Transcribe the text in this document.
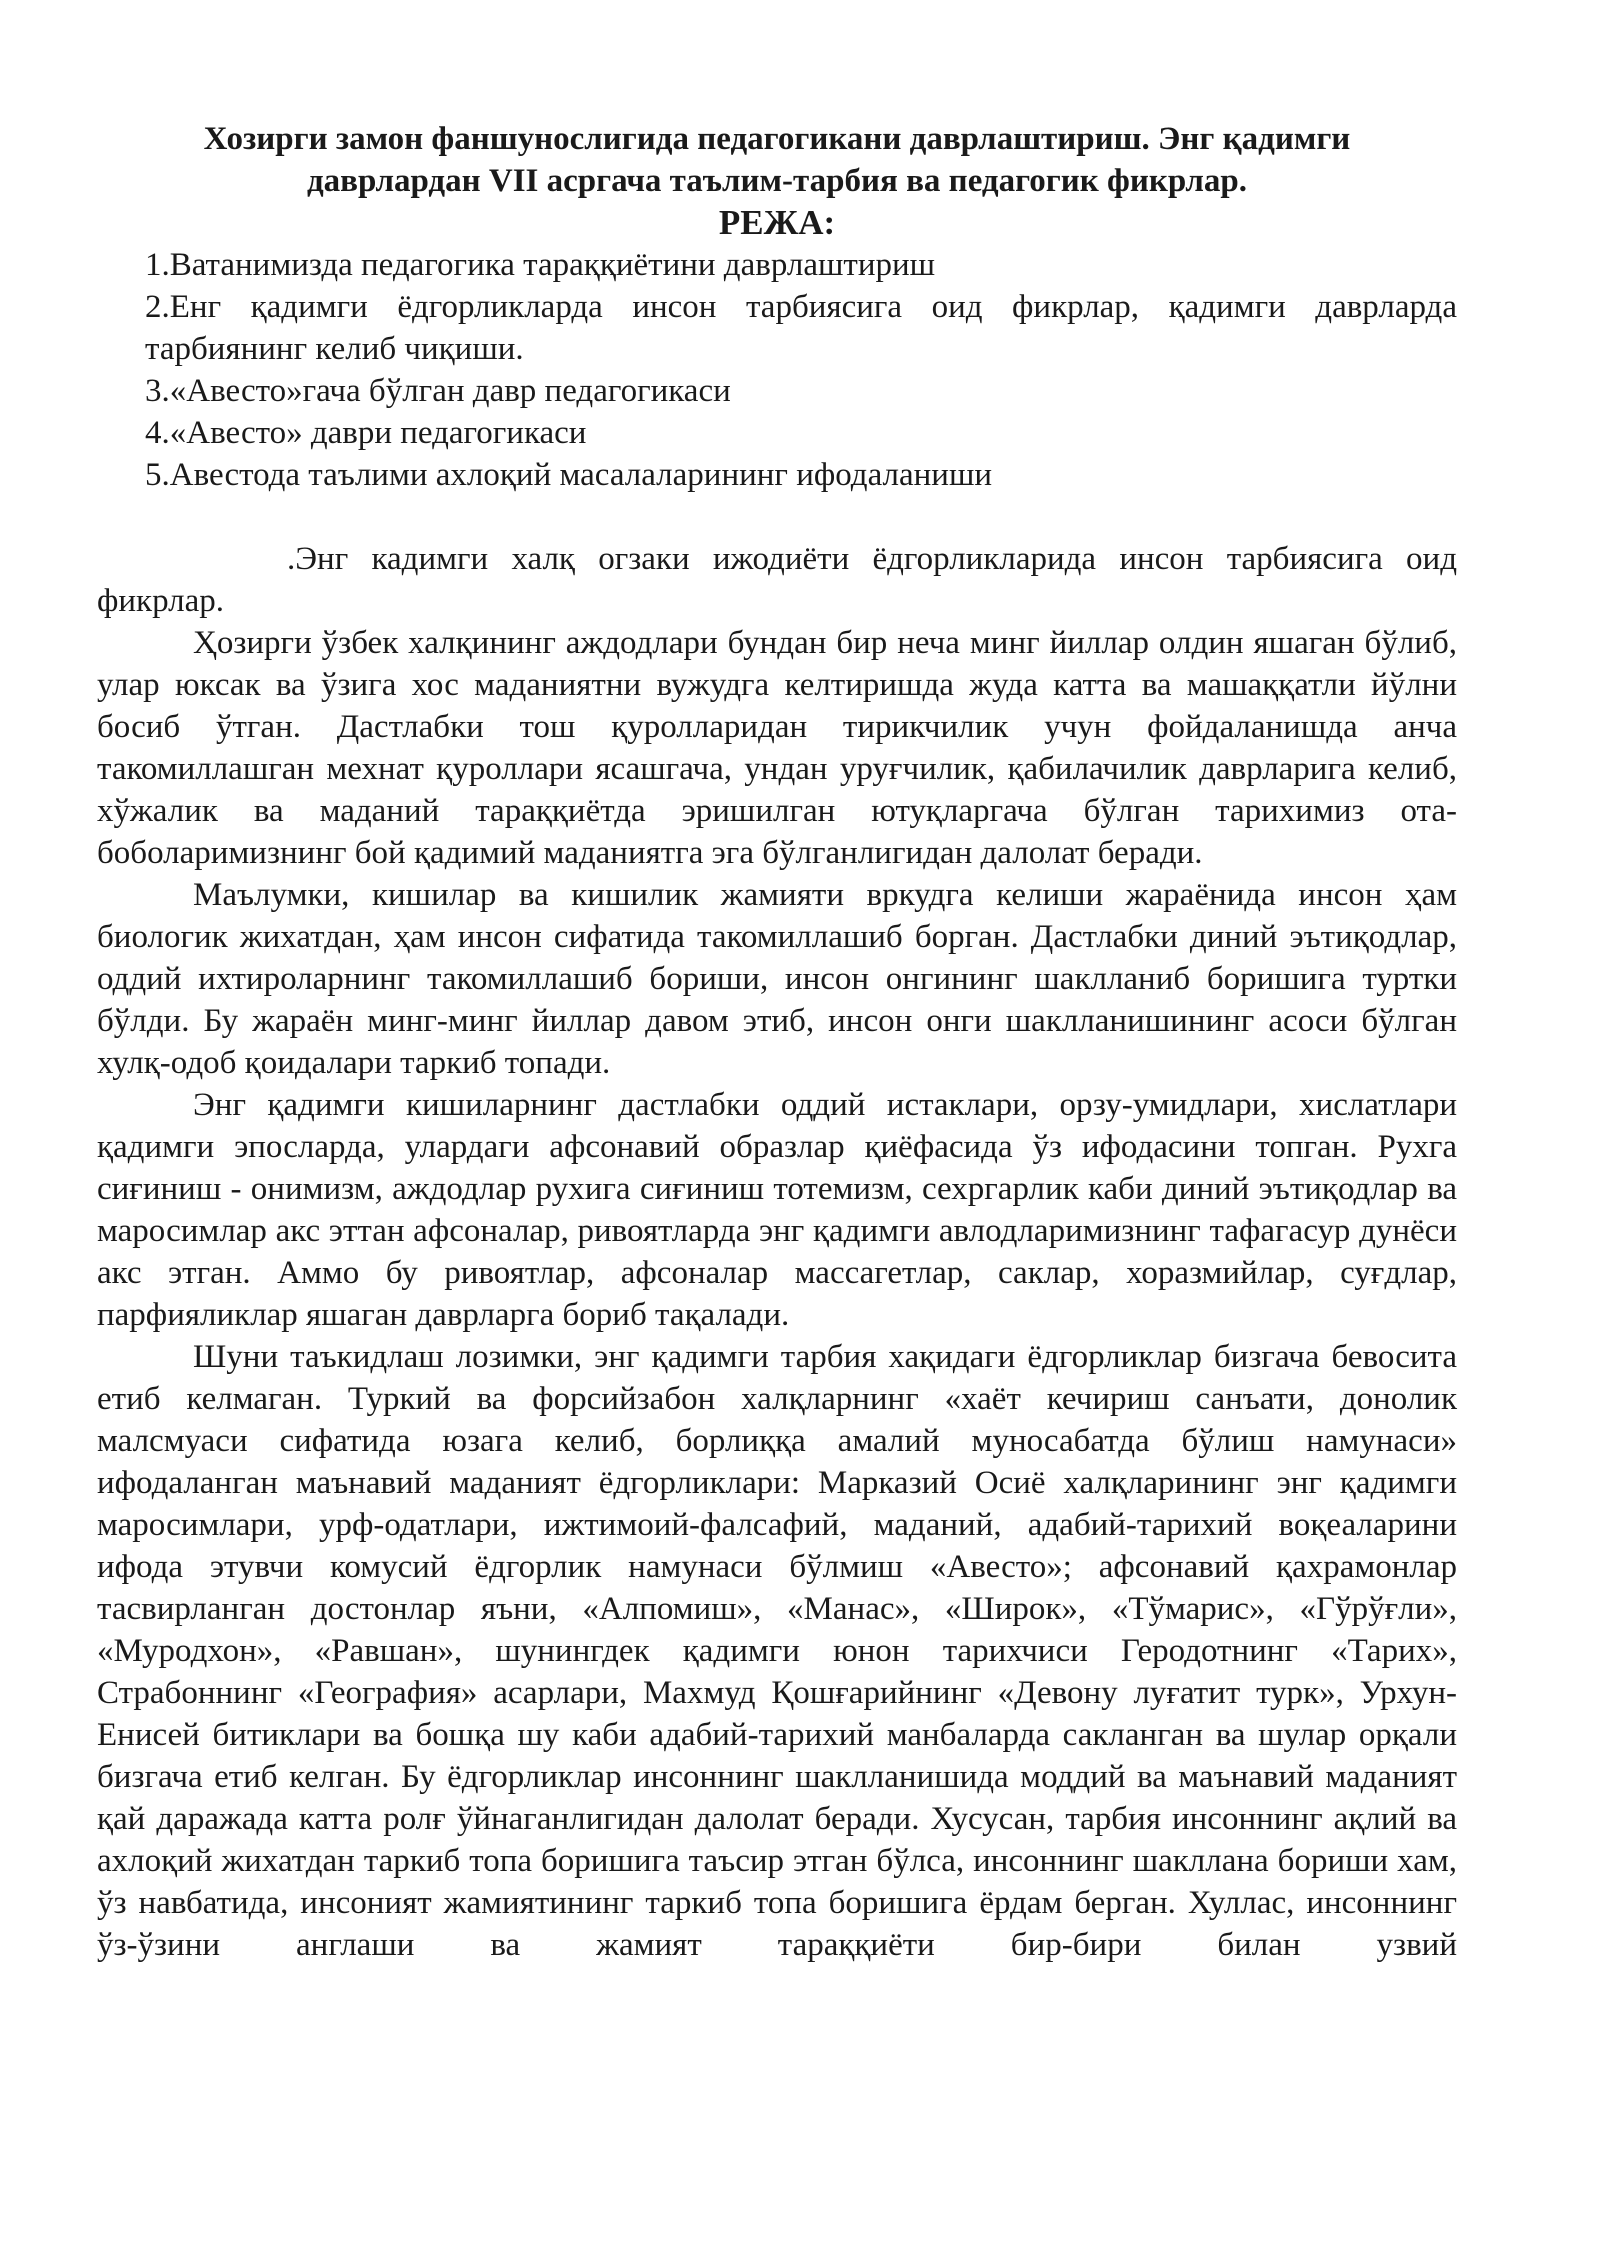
Хозирги замон фаншунослигида педагогикани даврлаштириш. Энг қадимги

даврлардан VII асргача таълим-тарбия ва педагогик фикрлар.

РЕЖА:

1.Ватанимизда педагогика тараққиётини даврлаштириш
2.Енг қадимги ёдгорликларда инсон тарбиясига оид фикрлар, қадимги даврларда тарбиянинг келиб чиқиши.
3.«Авесто»гача бўлган давр педагогикаси
4.«Авесто» даври педагогикаси
5.Авестода таълими ахлоқий масалаларининг ифодаланиши

.Энг кадимги халқ огзаки ижодиёти ёдгорликларида инсон тарбиясига оид фикрлар.

Ҳозирги ўзбек халқининг аждодлари бундан бир неча минг йиллар олдин яшаган бўлиб, улар юксак ва ўзига хос маданиятни вужудга келтиришда жуда катта ва машаққатли йўлни босиб ўтган. Дастлабки тош қуролларидан тирикчилик учун фойдаланишда анча такомиллашган мехнат қуроллари ясашгача, ундан уруғчилик, қабилачилик даврларига келиб, хўжалик ва маданий тараққиётда эришилган ютуқларгача бўлган тарихимиз ота-боболаримизнинг бой қадимий маданиятга эга бўлганлигидан далолат беради.

Маълумки, кишилар ва кишилик жамияти вркудга келиши жараёнида инсон ҳам биологик жихатдан, ҳам инсон сифатида такомиллашиб борган. Дастлабки диний эътиқодлар, оддий ихтироларнинг такомиллашиб бориши, инсон онгининг шаклланиб боришига туртки бўлди. Бу жараён минг-минг йиллар давом этиб, инсон онги шаклланишининг асоси бўлган хулқ-одоб қоидалари таркиб топади.

Энг қадимги кишиларнинг дастлабки оддий истаклари, орзу-умидлари, хислатлари қадимги эпосларда, улардаги афсонавий образлар қиёфасида ўз ифодасини топган. Рухга сиғиниш - онимизм, аждодлар рухига сиғиниш тотемизм, сехргарлик каби диний эътиқодлар ва маросимлар акс эттан афсоналар, ривоятларда энг қадимги авлодларимизнинг тафагасур дунёси акс этган. Аммо бу ривоятлар, афсоналар массагетлар, саклар, хоразмийлар, суғдлар, парфияликлар яшаган даврларга бориб тақалади.

Шуни таъкидлаш лозимки, энг қадимги тарбия хақидаги ёдгорликлар бизгача бевосита етиб келмаган. Туркий ва форсийзабон халқларнинг «хаёт кечириш санъати, донолик малсмуаси сифатида юзага келиб, борлиққа амалий муносабатда бўлиш намунаси» ифодаланган маънавий маданият ёдгорликлари: Марказий Осиё халқларининг энг қадимги маросимлари, урф-одатлари, ижтимоий-фалсафий, маданий, адабий-тарихий воқеаларини ифода этувчи комусий ёдгорлик намунаси бўлмиш «Авесто»; афсонавий қахрамонлар тасвирланган достонлар яъни, «Алпомиш», «Манас», «Широк», «Тўмарис», «Гўрўғли», «Муродхон», «Равшан», шунингдек қадимги юнон тарихчиси Геродотнинг «Тарих», Страбоннинг «География» асарлари, Махмуд Қошғарийнинг «Девону луғатит турк», Урхун-Енисей битиклари ва бошқа шу каби адабий-тарихий манбаларда сакланган ва шулар орқали бизгача етиб келган. Бу ёдгорликлар инсоннинг шаклланишида моддий ва маънавий маданият қай даражада катта ролғ ўйнаганлигидан далолат беради. Хусусан, тарбия инсоннинг ақлий ва ахлоқий жихатдан таркиб топа боришига таъсир этган бўлса, инсоннинг шакллана бориши хам, ўз навбатида, инсоният жамиятининг таркиб топа боришига ёрдам берган. Хуллас, инсоннинг ўз-ўзини англаши ва жамият тараққиёти бир-бири билан узвий
